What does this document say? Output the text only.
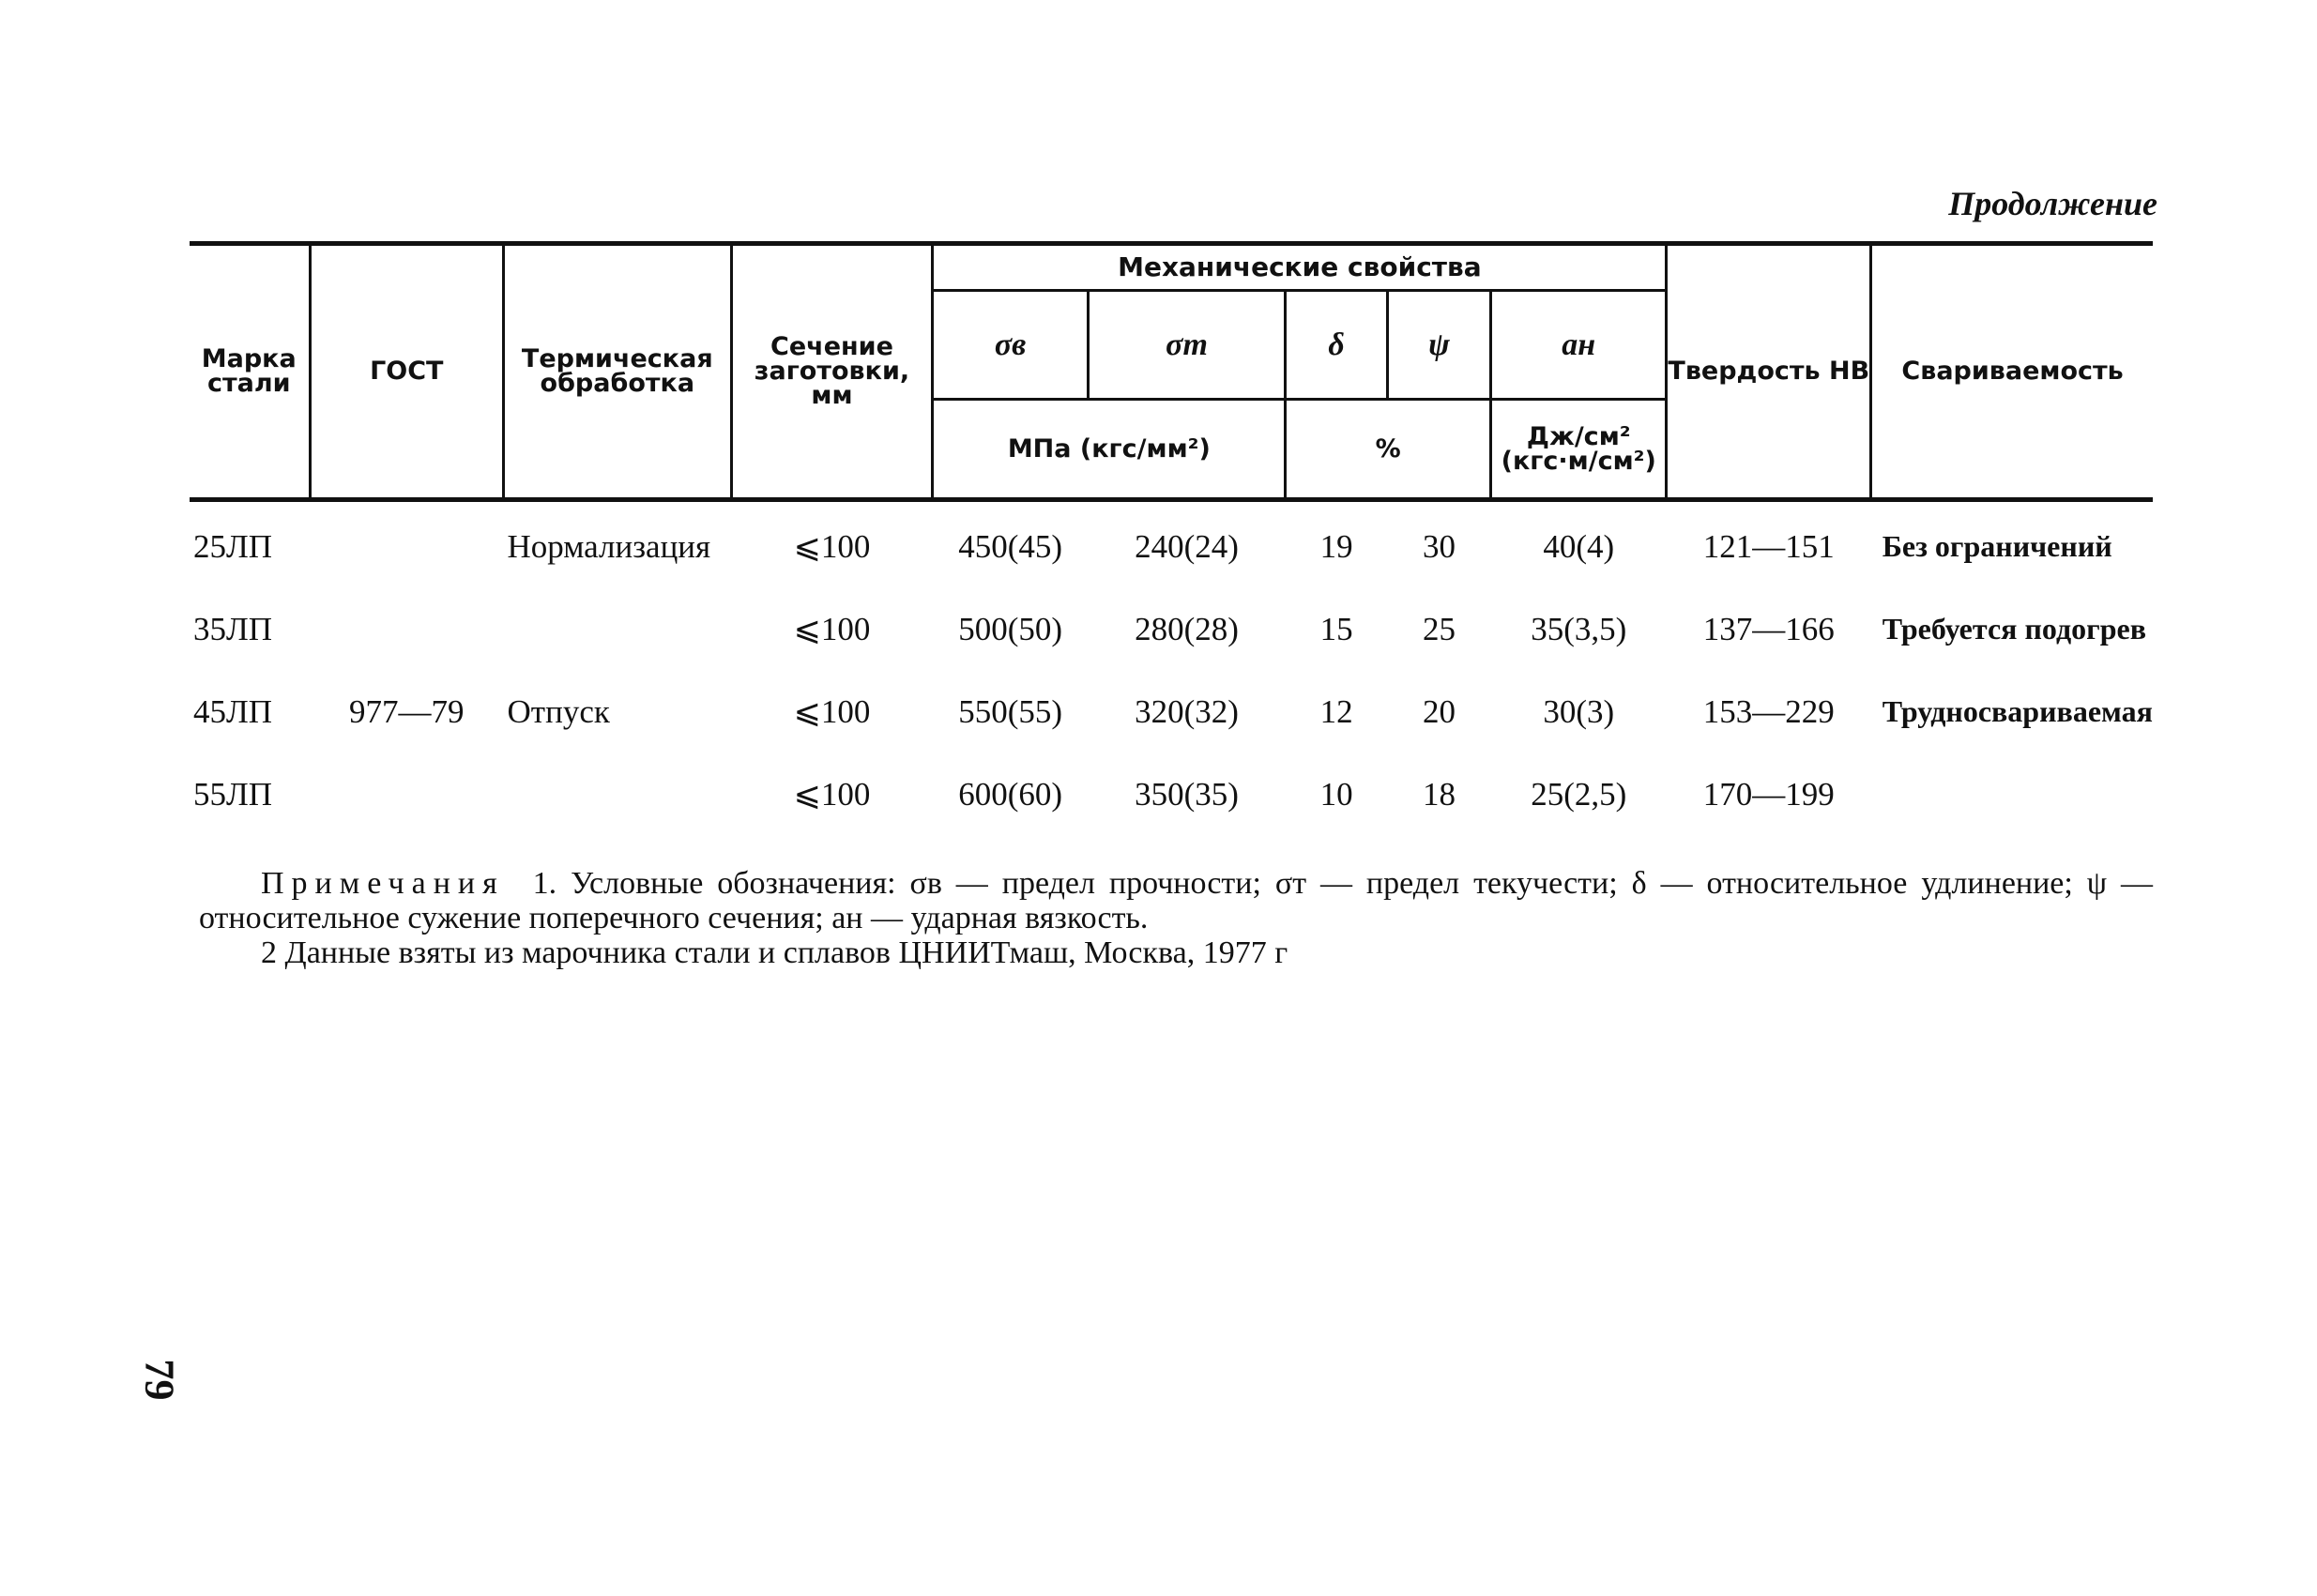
Продолжение
Марка стали	ГОСТ	Термическая обработка	Сечение заготовки, мм	Механические свойства					Твердость НВ	Свариваемость
				σв	σт	δ	ψ	ан		
				МПа (кгс/мм²)		%		Дж/см² (кгс·м/см²)		
25ЛП		Нормализация	⩽100	450(45)	240(24)	19	30	40(4)	121—151	Без ограничений
35ЛП			⩽100	500(50)	280(28)	15	25	35(3,5)	137—166	Требуется подогрев
45ЛП	977—79	Отпуск	⩽100	550(55)	320(32)	12	20	30(3)	153—229	Трудносвариваемая
55ЛП			⩽100	600(60)	350(35)	10	18	25(2,5)	170—199	

Примечания 1. Условные обозначения: σв — предел прочности; σт — предел текучести; δ — относительное удлинение; ψ — относительное сужение поперечного сечения; ан — ударная вязкость.

2 Данные взяты из марочника стали и сплавов ЦНИИТмаш, Москва, 1977 г

79
